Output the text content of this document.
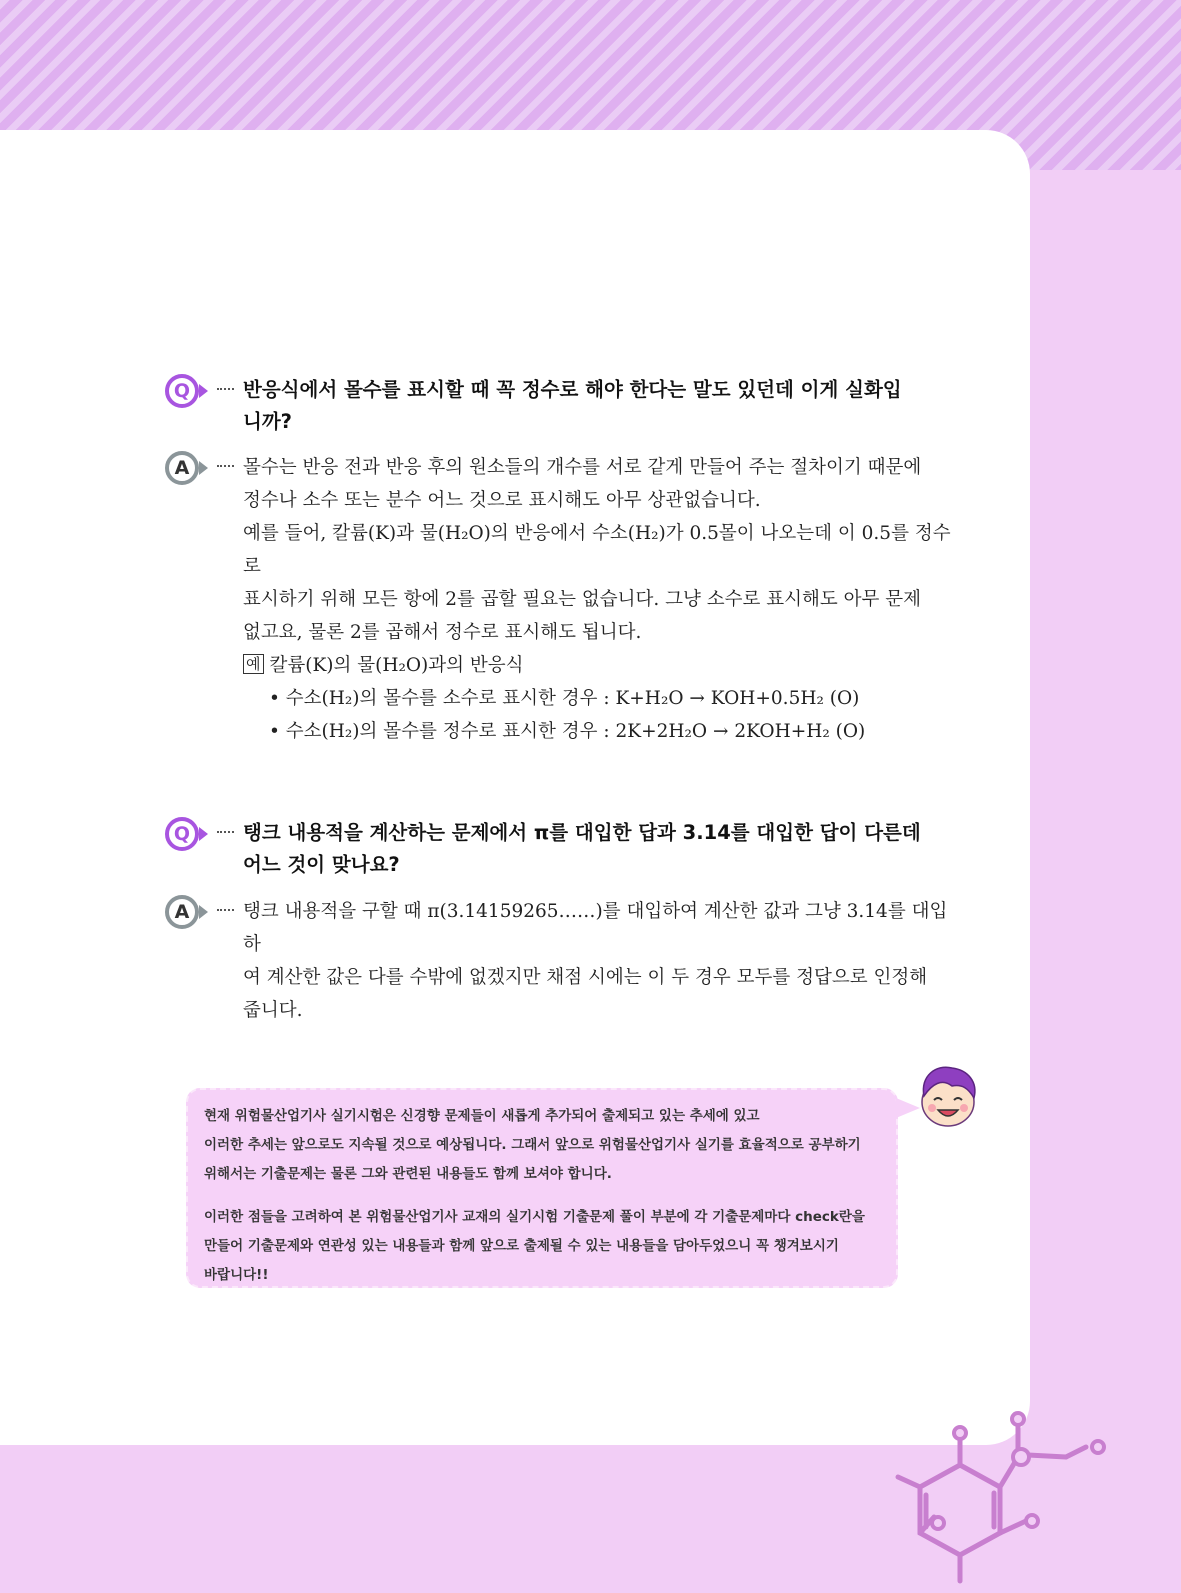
Q	반응식에서 몰수를 표시할 때 꼭 정수로 해야 한다는 말도 있던데 이게 실화입
니까?
A	몰수는 반응 전과 반응 후의 원소들의 개수를 서로 같게 만들어 주는 절차이기 때문에

정수나 소수 또는 분수 어느 것으로 표시해도 아무 상관없습니다.

예를 들어, 칼륨(K)과 물(H₂O)의 반응에서 수소(H₂)가 0.5몰이 나오는데 이 0.5를 정수로

표시하기 위해 모든 항에 2를 곱할 필요는 없습니다. 그냥 소수로 표시해도 아무 문제

없고요, 물론 2를 곱해서 정수로 표시해도 됩니다.

예 칼륨(K)의 물(H₂O)과의 반응식

• 수소(H₂)의 몰수를 소수로 표시한 경우 : K+H₂O → KOH+0.5H₂ (O)

• 수소(H₂)의 몰수를 정수로 표시한 경우 : 2K+2H₂O → 2KOH+H₂ (O)

Q	탱크 내용적을 계산하는 문제에서 π를 대입한 답과 3.14를 대입한 답이 다른데
어느 것이 맞나요?
A	탱크 내용적을 구할 때 π(3.14159265……)를 대입하여 계산한 값과 그냥 3.14를 대입하

여 계산한 값은 다를 수밖에 없겠지만 채점 시에는 이 두 경우 모두를 정답으로 인정해

줍니다.

현재 위험물산업기사 실기시험은 신경향 문제들이 새롭게 추가되어 출제되고 있는 추세에 있고

이러한 추세는 앞으로도 지속될 것으로 예상됩니다. 그래서 앞으로 위험물산업기사 실기를 효율적으로 공부하기

위해서는 기출문제는 물론 그와 관련된 내용들도 함께 보셔야 합니다.

이러한 점들을 고려하여 본 위험물산업기사 교재의 실기시험 기출문제 풀이 부분에 각 기출문제마다 check란을

만들어 기출문제와 연관성 있는 내용들과 함께 앞으로 출제될 수 있는 내용들을 담아두었으니 꼭 챙겨보시기

바랍니다!!
